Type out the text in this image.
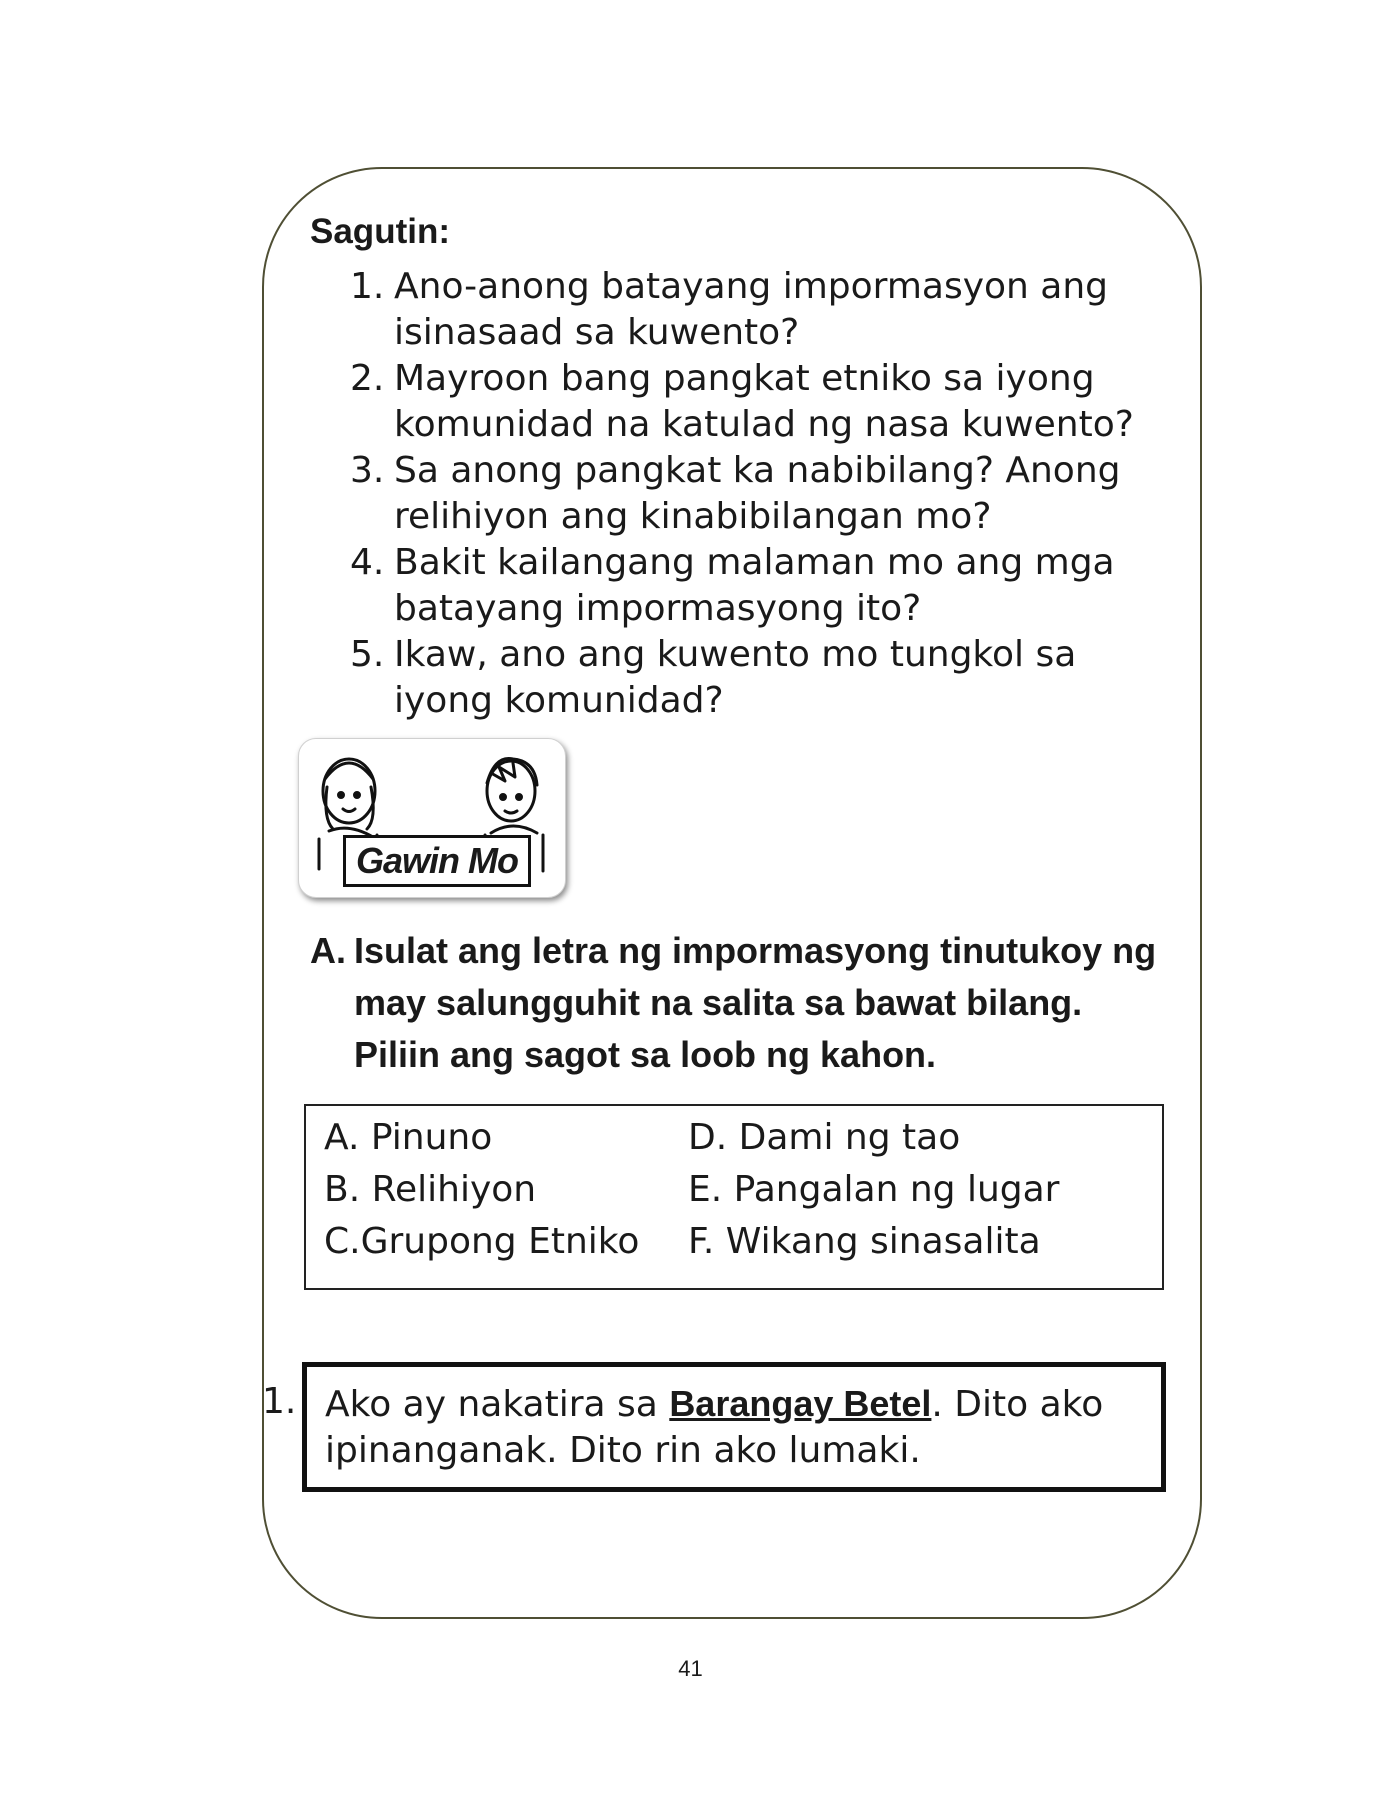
Sagutin:
1. Ano-anong batayang impormasyon ang isinasaad sa kuwento?
2. Mayroon bang pangkat etniko sa iyong komunidad na katulad ng nasa kuwento?
3. Sa anong pangkat ka nabibilang? Anong relihiyon ang kinabibilangan mo?
4. Bakit kailangang malaman mo ang mga batayang impormasyong ito?
5. Ikaw, ano ang kuwento mo tungkol sa iyong komunidad?
Gawin Mo
A. Isulat ang letra ng impormasyong tinutukoy ng may salungguhit na salita sa bawat bilang. Piliin ang sagot sa loob ng kahon.
A. Pinuno
B. Relihiyon
C.Grupong Etniko
D. Dami ng tao
E. Pangalan ng lugar
F. Wikang sinasalita
1. Ako ay nakatira sa Barangay Betel. Dito ako ipinanganak. Dito rin ako lumaki.
41
